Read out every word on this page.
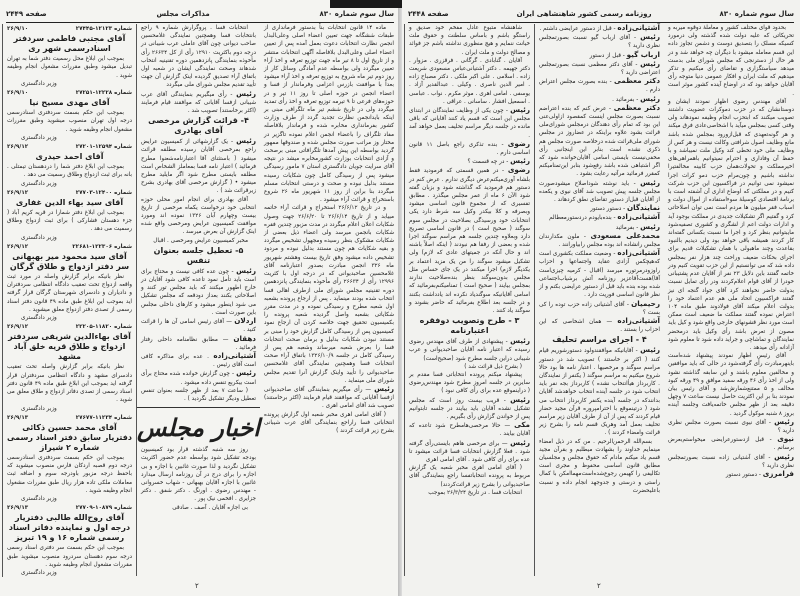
سال سوم شماره ۸۳۰
مذاکرات مجلس
صفحه ۲۴۴۹

ماده ۱۴ قانون انتخابات بناً بدستور فرمانداری از طبقات ششگانه جهت تعیین اعضاء اصلی وعلی‌البدل انجمن نظارت انتخابات دعوت بعمل آمده پس از تعیین اعضاء اصلی وعلی‌البدل بلافاصله آگهی انتخابات منتشر و از تاریخ اول تا ۸ تیر ماه جهت توزیع تعرفه و اخذ آراء تعیین میگردد ولی بواسطه عدم آمادگی وسائل کار از روز دوم تیر ماه شروع به توزیع تعرفه و اخذ آراء میشود بعداً با موافقت بازرس اعزامی وفرماندار از فسا و اعضاء انجمن در حوزه اصلی تا روز ۱۱ تیر و در حوزه‌های فرعی تا ۹ تیرمه توزیع تعرفه و اخذ رأی تمدید میگردد ولی در تاریخ ششم تیر ماه تلگرافی مبنی بر اینکه بایدانجمن نظارت تجدید گردد از طرف وزارت کشور بفرمانداری مخابره شده و فرماندار بلافاصله مفاد تلگراف را باعضاء انجمن اعلام نموده تاگزیر در مختار وز مراتب صورت مجلس شده و صندوقها ممهور گردید بواسطه این پیش آمدها تلگرافاتی مبنی برصحت و آزادی انتخابات بوزارت کشورمخابره میشد در نتیجه آقای سرایت جویان دادگستری استان ۷ مامور رسیدگی میشود پس از رسیدگی کامل چون شکایات رسیده مستند بدلیل نبوده و صحت و درستی انتخابات مسلم میگردد بنا براین از روز ۱۱ شهریور ماه ۲۶ شروع باستخراج و قرائت آراء میشود .

و در تاریخ ۲۶/۶/۱۲ استخراج و قرائت آراء خاتمه مییابد و از تاریخ ۲۶/۶/۱۴ تا ۲۶/۶/۲۰ جهت وصول شکایات اعلان اعلام میگردد در مدت مزبور چندین فقره شکایات بانجمن میرسد ولی اعضاء ذیل بعضی از شکایات مشکوک بنظر رسیده ومجهول تشخیص میگردد و بقیه شکایات هم چون مستند بدلیل نبوده و مردود تشخیص داده میشود وفق تاریخ بیست وهشتم شهریور ماه ۳۲۶ انجمن مبادرت بصدور اعتبارنامه آقای غلامحسین صاحبدیوانی که در درجه اول با کثریت ۱۲۹۹۶ رأی از ۲۶۶۳۴ رأی مأخوذه بنمایندگی پانزدهمین دوره تقنینیه مجلس شورای ملی ازطرف اهالی فسا انتخاب شده بودند مینماید . پس از ارجاع پرونده بشعبه اول شعبه مطرح و رسیدگی نموده و در مدت مقرر شکایاتی بشعبه واصل گردیده شعبه پرونده را بکمیسیون تحقیق جهت خلاصه کردن آن ارجاع نمود کمیسیون پس از رسیدگی کامل گزارش خود را مبنی بر مستند نبودن شکایات بدلیل و برمان صحت انتخابات فسا را بعرض شعبه میرساند وشعبه هم پس از رسیدگی کامل در جلسه ۱۳۲۶/۱۰/۹ باتفاق آراء صحت انتخابات فسا وهمچنین نمایندگی آقای غلامحسین صاحبدیوانی را تأیید واینک گزارش آنرا تقدیم مجلس شورای ملی مینماید .

رئیس — رأی میگیریم بنمایندگی آقای صاحبدیوانی ازفسا آقایانی که موافقند قیام فرمایند (اکثر برخاستند) تصویب شد آقای امامی اهری .

( آقای امامی اهری مخبر شعبه اول گزارش پرونده انتخاباتی فسا راراجع بنمایندگی آقای عرب شیبانی بشرح زیر قرائت کردند )

انتخابات فسا . پروگرارش شماره ۹ راجع بانتخابات فسا وهمچنین نمایندگی غلامحسین صاحب دیوانی چون آقای عاملی عرب شیبانی در درجه دوم باکثریت ۱۲۹۱۰ رأی از کل ۲۶۶۳۴ رأی مأخوذه بنمایندگی پانزدهمین دوره تقنینیه انتخاب شدهاند وصحت نمایندگی ایشان در شعبه اول باتفاق آراء تصدیق گردیده اینک گزارش آن جهت تأیید تقدیم مجلس شورای ملی میگردد

رئیس - رأی میگیریم بنمایندگی آقای عرب شیبانی ازفسا آقایانی که موافقند قیام فرمایند (اکثر برخاستند) تصویب شد .

۴- قرائت گزارش مرخصی آقای بهادری

رئیس - یک گزارشهائی از کمیسیون عرایض راجع بمرخصی آقایان رسیده مطلقه قرائت میشود ( باستثنای آقا اعتبارنامه‌شعنوا مطرح فرمائید ) اعتبار نامه فسا بمعاملز الشخاص است مطلقه بایستی مطرح شود اگر مایلید مطرح میشود • ( گزارش مرخصی آقای بهادری بشرح زیرقرائت شد ) .

آقای بهادری برای انجام امور محلی حوزه انتخابی خود درخواست یکماه مرخصی از تاریخ بیست وچهارم آبان ۱۳۲۶ نموده اند ومورد موافقت کمیسیون عرایض ومرخصی واقع شده اینک گزارش آن بعرض میرسد .

مخبر کمیسیون عرایض ومرخصی . اقبال

۵- تعطیل جلسه بعنوان تنفس

رئیس - چون عده کافی نیست و محتاج برای است باید تأمل نمود تاعده کافی شود آقایان در خارج اطهور میکنند که باید مجلس تور کنند و اصلاحاتی بکنند بعداز دودقعه که مجلس تشکیل می شود اینطور میشود و کارهای داخلی مجلس باین صورت است .

اردلان — آقای رئیس اسامی آن ها را قرائت کنید .

دهقان — مطابق نظامنامه داخلی رفتار فرمائید .

آشتیانی‌زاده . عده برای مذاکره کافی است آقای رئیس .

رئیس - چون گزارش خوانده شده محتاج برأی است بیکربع تنفس داده میشود .

( ساعت ۷ بعد از ظهر جلسه بعنوان تنفس تعطیل ودیگر تشکیل نگردید ) .

اخبار مجلس

روز سه شنبه گذشته قرار بود کمیسیون بودجه تشکیل شود بواسطه عدم حضور اکثریت تشکیل نگردید و لذا صورت غائبین با اجازه و بی اجازه را برای درج در آن روزنامه ارسال میدارد غائبین با اجازه آقایان بهبهانی - شهاب خسروانی - مهندس رضوی . اورنگ . دکتر شفق . دکتر جزایری . افخمی نیک پور .

بی اجازه آقایان . آصف . صادقی

شماره ۱۲۱۲۳-۲۷۴۴۵
۲۶/۹/۱۰
آقای مجتبی فاطمی سردفتر اسنادرسمی شهر ری

بموجب این ابلاغ محل رسمیت دفتر شما به تهران تبدیل میشود وطبق مقررات مشغول انجام وظیفه شوید .

وزیر دادگستری

شماره ۱۲۲۲۸-۲۷۲۵۱
۲۶/۹/۱۰
آقای مهدی مسیح نیا

بموجب این حکم بسمت سردفتری اسنادرسمی درجه اول تهران منصوب میشوید وطبق مقررات مشغول انجام وظیفه شوید .

وزیر دادگستری

شماره ۱۲۵۹۴-۲۷۲۰۱
۲۶/۹/۱۲
آقای احمد حیدری

بموجب این ابلاغ دفتر شما را دردهستان تیمتلی . بانه برای ثبت ازدواج وطلاق رسمیت می دهد .

وزیر دادگستری

شماره ۱۲۴۰۰-۲۷۷۰۳
۲۶/۹/۱۲
آقای سید بهاء الدین غفاری

بموجب این ابلاغ دفتر شمارا در قریه کریم آباد ( جزء دهستان فشارکی ) برای ثبت ازدواج وطلاق رسمیت می دهد .

وزیر دادگستری

شماره ۱۲۲۳۰۶-۲۲۶۸۱
۲۶/۹/۱۲
آقای سید محمود میر بهبهانی سر دفتر ازدواج و طلاق گرگان

نظر بانیکه برابر گزارش واصله در مورد ثبت واقعه ازدواج تحت تعقیب دادگاه انتظامی سردفتران و دادیاران و دادسرای شهرستان گرگان قرار گرفته اید بموجب این ابلاغ طبق ماده ۴۹ قانون دفتر اسناد رسمی از تصدی دفتر ازدواج معلق میشوید .

وزیر دادگستری

شماره ۱۱۸۲۰-۲۲۲۰۵
۲۶/۹/۱۲
آقای بهاءالدین شریفی سردفتر ازدواج و طلاق قریه خلق آباد مشهد

نظر بانیکه برابر گزارش واصله تحت تعقیب دادسرای مشهد و دادگاه انتظامی سردفتران قرار گرفته اید بموجب این ابلاغ طبق ماده ۴۹ قانون دفتر اسناد رسمی از تصدی دفاتر ازدواج و طلاق معلق می شوید .

وزیر دادگستری

شماره ۱۱۲۳۴-۲۷۶۷۷
۲۶/۹/۱۳
آقای محمد حسین ذکائی دفتریار سابق دفتر اسناد رسمی شماره ۲ شیراز

بموجب این حکم بسمت سردفتری اسنادرسمی درجه دوم قصبه اردکان فارس منصوب میشوید که باحفظ درجه مزبور باودرجه سوم و اضافه ثبت معاملات ملکی تاده هزار ریال طبق مقررات مشغول انجام وظیفه شوید .

وزیر دادگستری

شماره ۱۰۸۷۹-۲۷۷۰۹
۲۶/۹/۱۳
آقای روح‌الله طالبی دفتریار درجه اول و نماینده دفاتر اسناد رسمی شماره ۱۶ و ۱۹ تبریز

بموجب این حکم بسمت سر دفتری اسناد رسمی درجه سوم دهستان سردرود منصوب میشوید طبق مقررات مشغول انجام وظیفه شوید .

وزیر دادگستری

۲
سال سوم شماره ۸۳۰
روزنامه رسمی کشور شاهنشاهی ایران
صفحه ۲۴۴۸

بحدود قوای مختلف کشور و معاملهٔ دوقوه میربه و تحریکاتی که علیه دولت شده گذشته ولی درمورد کسیکه مسلک را بتصدیق دوست و دشمن تجاوز داده این قسم معامله میشود با دیگران چه خواهد شد و در هر حال از دسترنجی که مجلس شورای ملی بدست میدهد سیاستگزاری و تقاضای رأی میکنیم و تذکر میدهیم که ملت ایران و افکار عمومی دنیا متوجه رأی آقایان خواهد بود که در اوضاع آینده کشور موثر است .

آقای مهندس رضوی اظهار نمودند ایشان و دوستانشان که در حزب دموکرات عضویت داشتند تصویب میکنند که ابتحزب انجام وظیفه نمودهاند ولی وقتی کسی بمجلس میآید با اشخاصی‌عادی فرق میکند و هر گونه‌تعهدی که قبل‌ازورود بمجلس شده باشد مانع وظایف اصول شرافتی وکالت نیست و هر کس از وظایف ملی خود تخطی کند وکیل ملت نمیباشد و با حفظ آن وفاداری و احترام نمیتوانیم باهمراهی‌های اخیرمملکت و تحولات‌همان حزب کابینه مخالفتیرا نداشته باشیم و چون‌مرام حزب دمو کرات اجرا نمیشود نمی توانیم در فراکسیون این حزب شرکت کنیم و در مملکتی که اوضاع اداری آن آشفته است با برنامهٔ اقتصادی کوسیلهٔ سوءاستفاده از اموال دولت و اسباب فقر میلیون ها مردم است نمی توان اصلاحاتی کرد و گفتیم اگر تشکیلات جدیدی در مملکت بوجود آید و ادارات دولت اعم از لشگری و کشوری تصفیه‌شود مایبتوانیم بنظر کرد و اجرا ما نسبت بکسانی گفته‌اند کار کردند همیشه باقی خواهد بود ولی دیدیم بالنبود بقاعدت وچند ماهبولی با همان تشکیلات قدیم برای اجرای بحکات ضعیف وراحت چند هزار نفر بمجلس داده شد که می توانستیم از این حزب تقویت کنیم ودر خاتمه گفتند باین دلایل ۲۳ نفر از آقایان عدم پشتیبانی خودرا از آقای قوام اعلام‌کردند ودر رأی تمایل نسبت بدولت حاضر نخواهند کرد آقای جواد گنجه ای نیز گفتند فراکسیون اتحاد ملی هم عدم اعتماد خود را بدولت اعلام میکند آقای فولادوند طبق ماده ۱۰۴ اعتراض نموده گفتند مملکت ما ضعیف است ممکن است مورد نظر قشونهای خارجی واقع شود و کیل باید مصون از تعرض باشد رأی وکیل باید درمحضر نمایندگان و تماشاچی و جراید داده شود تا معلوم شود آزادانه رأی میدهد .

آقای رئیس اظهار نمودند پیشنهاد شده‌است باینهرمبادرت رأی گرفته‌شود در حالی که باید موافقین و مخالفین معلوم باشند و این سابقه گذاشته نشود ولی از اخذ رأی ۴۶ ورقه سفید موافق و ۴۹ ورقه کبود مخالف و ۵ ممتنع‌شمارش‌شد و آقای رئیس بیان نمودند بنا بر این اکثریت حاصل نیست ساعت ۷ وچهل دقیقه بعد از ظهر مجلس خاتمه‌یافت وجلسه آینده بروز ۸ شنبه موکول گردید .

رئیس - آقای نیوی نسبت بصورت مجلس نظری دارید ؟

نیوی - قبل ازدستورعرایضی میخواستم‌بعرض برسانم .

رئیس - آقای آشتیانی زاده نسبت بصورتمجلس نظری دارید ؟

فرامرزی - دستور دستور

آشتیانی‌زاده - قبل از دستور عرایضی داشتم .

رئیس - آقای ارباب گیو نسبت بصورتمجلس نظری دارید ؟

ارباب گیو - قبل از دستور

رئیس - آقای دکتر معظمی نسبت بصورتمجلس اعتراضی دارید ؟

دکتر معظمی - بنده بصورت مجلس اعتراض دارم .

رئیس - بفرمائید .

دکتر معظمی - عرض کنم که بنده اعتراضم نسبت بصورت مجلس اینست کمقصود ازاولی‌عنی این بود که تمام رأی دهندگان درمجلس شورای‌ملی قرائت بشود علاوه براینکه در عضاروز در مجلس شورای ملی‌قرائت شده درخلاصه صورت مجلس هم ذکری نشده است بنابر این اینجانبی رأی مخفی‌نیست بایستی اسامی آقایان‌خوانده شود که اگر اشتباهی شده باشد رفع‌شود بنابر این‌تمنامیکنم کمقرر فرمائید مرآتیه رعایت بشود .

رئیس - باید نوشته شوداصلاح میشودصورت مجلس جلسه پیش تصویب شد آقای نیوی و یکعده از آقایان قبل‌از دستور تقاضای نطق کردهاند .

نمایندگان - دستور دستور

آشتیانی‌زاده - بنده‌بایودم دردستورمعطالم

رئیس - بفرمائید

محمدعلی مسعودی - ملون مکدارندان مجلس رانشاده اند بوده مجلس رابیاورانند .

آشتیانی‌زاده - وضعیت مملکت بکشوری است که‌هیچکس آزادی عقاید واجتماعها و احزاب راوزودرمرتوره میرسد (اقبال - کرمیه چیزی‌است آقا)هست‌آقاعزیر روزنامه آتش برشیاب‌اجتماعی شده بوده بنده باید قبل از دستور عرایضی بکنم و از نظر قانون اساسی فوریت دارد .

رحیمیان - آقای آشتیانی زاده حزب توده را کی بست ؟

آشتیانی‌زاده — همان اشخاصی که این احزاب را بستند .

۴ - اجرای مراسم تحلیف

رئیس - آقایانیکه موافقندولود دستورشوریم قیام کنند ( اکثر بر خاستند ) تصویب شد در دستور مراسم سوگند و مرخصیها . اعتبار نامه ها بود حالا شروع میکنیم به مراسم سوگند ( یکنفر از نمایندگان . کاربرداز هیأانتخاب نشده ) کاربرداز بجه نفر باید انتخاب شود در جلسه آینده انتخاب خواهدشد آقایان بدانندکه در جلسه آینده یکنفر کاربرداز انتخاب می شود ( درتینموقع با احترامپروره قرآن مجید حضار قیام کردند که پس از آن از طرف آقایان زیر مراسم تحلیف بعمل آمد وهریک قسم نامه را بشرح زیر قرائت وامضاء کردند ) .

بسم‌الله الرحمن‌الرحیم . من که در ذیل امضاء مینمایم خداوند را بشهادت میطلبم و بقرآن مجید قسم یاد میکنم مادام که حقوق مجلس و مجلسیان مطابق قانون اساسی محفوظ و مجری است تکالیفی را کهبمن رجوع‌شده‌است‌مهماامکن با کمال راستی و درستی و جدوجهد انجام داده و نسبت باعلیحضرت

شاهنشاه متبوع عادل مفخم خود صدیق و راستگو باشم و باساس سلطنت و حقوق ملت خیانت ننمایم و هیچ منظوری نداشته باشم جز فوائد و مصالح دولت و ملت ایران .

آقایان . گنابادی . گرگانی . فرقزری . مزوار . دکتر جهیمه . دکتر آشتیانی‌عباس مسعودی شریعت زاده . اسلامی . علی اکبر ملکی . دکتر مصباح زاده . امیر الدین ناصری . وکیلی . عبدالقدیر آزاد . یوسفی . امامی اهری . موثر مکرم . نواب . عباسی . اسمعیل افشار . ساسانی . عراقی .

رئیس - چون یکی از وظایف نمایندگان در ابتدای مجلس این است که قسم یاد کنند آقایانی که باقی مانده در جلسه دیگر مراسم تحلیف بعمل خواهد آمد .

رضوی - بنده تذکری راجع باصل ۱۱ قانون اساسی دارم .

رئیس - در چه قسمت ؟

رضوی - در همین قسمتی که فرمودید فقط بلشاه آوری‌میکنم‌عرض دیگری ندارم . عرض کنم در دستور هم فرمودید که گذاشته شود و بزبان گفته شود الآن ۶ ماه از عمر مجلس میگذرد . مطابق تفسیری که از مجموع قانون اساسی میشود وبصرفه و کلا بیکدر وکیل سه شرط دارد یکی انتخابات خود ورسیدگی بصلاحیت در مجلس سوم سوگند ( صحیح است ) در قانون اساسی تصریح دارد وبعلاوه چندین جلسه هم مراسم سوگند اجرا شده و بعضی از رفقا هم نبودند ( اینکه اصلاً باشنه اند و حال آنکه در جمیتهای عادی که لازم) ولی تشکیل میشود سوگند را من یک مزید اعتماد بر یکدیگر لازم) اجرا میکنند در یک جای حساس مثل مجلس بدون‌سوگند بنظر بنده‌صلاحیت ندارند بمجلس بیایند ( صحیح است ) تمنامیکنم‌بفرمائید که اسامی آقایانیکه سوگندیاد نکرده اند یادداشت بکنند و در جلسه بعد اطلاع بفرمائید که حاضر بشوند و سوگند یاد کنند .

۳ - طرح وتصویب دوفقره اعتبارنامه

رئیس - پیشنهادی از طرف آقای مهندس رضوی رسیده که اعتبار نامه آقایان صاحبدیوانی و عرب شیبانی دراین جلسه مطرح شود (صحیح‌است)

( بشرح ذیل قرائت شد )

پیشنهاد میکنم پرونده انتخاباتی فسا مقدم بر سایرین در جلسه امروز مطرح شود مهندس‌رضوی ( دراینموقع عده برای رأی کافی نبود )

رئیس - قریب بیست روز است که مجلس تشکیل نشده آقایان باید بیایند در جلسه تابتوانیم پس از خواندن گزارش رأی بگیریم .

مکی — حالا مرخصی‌هامطرح شود تاعده‌ که آقایان بیایند .

رئیس — برای مرخصی هاهم بایستی‌رأی گرفته شود . فعلا گزارش انتخابات فسا قرائت میشود تا عده برای رأی کافی شود . آقای امامی اهری

( آقای امامی اهری مخبر شعبه یک گزارش مربوط به پرونده انتخاباتفسا راجع بنمایندگی آقای صاحبدیوانی را بشرح زیر قرائت‌کردند)

انتخابات فسا . در تاریخ ۲۶/۳/۲۴ بموجب

۲
